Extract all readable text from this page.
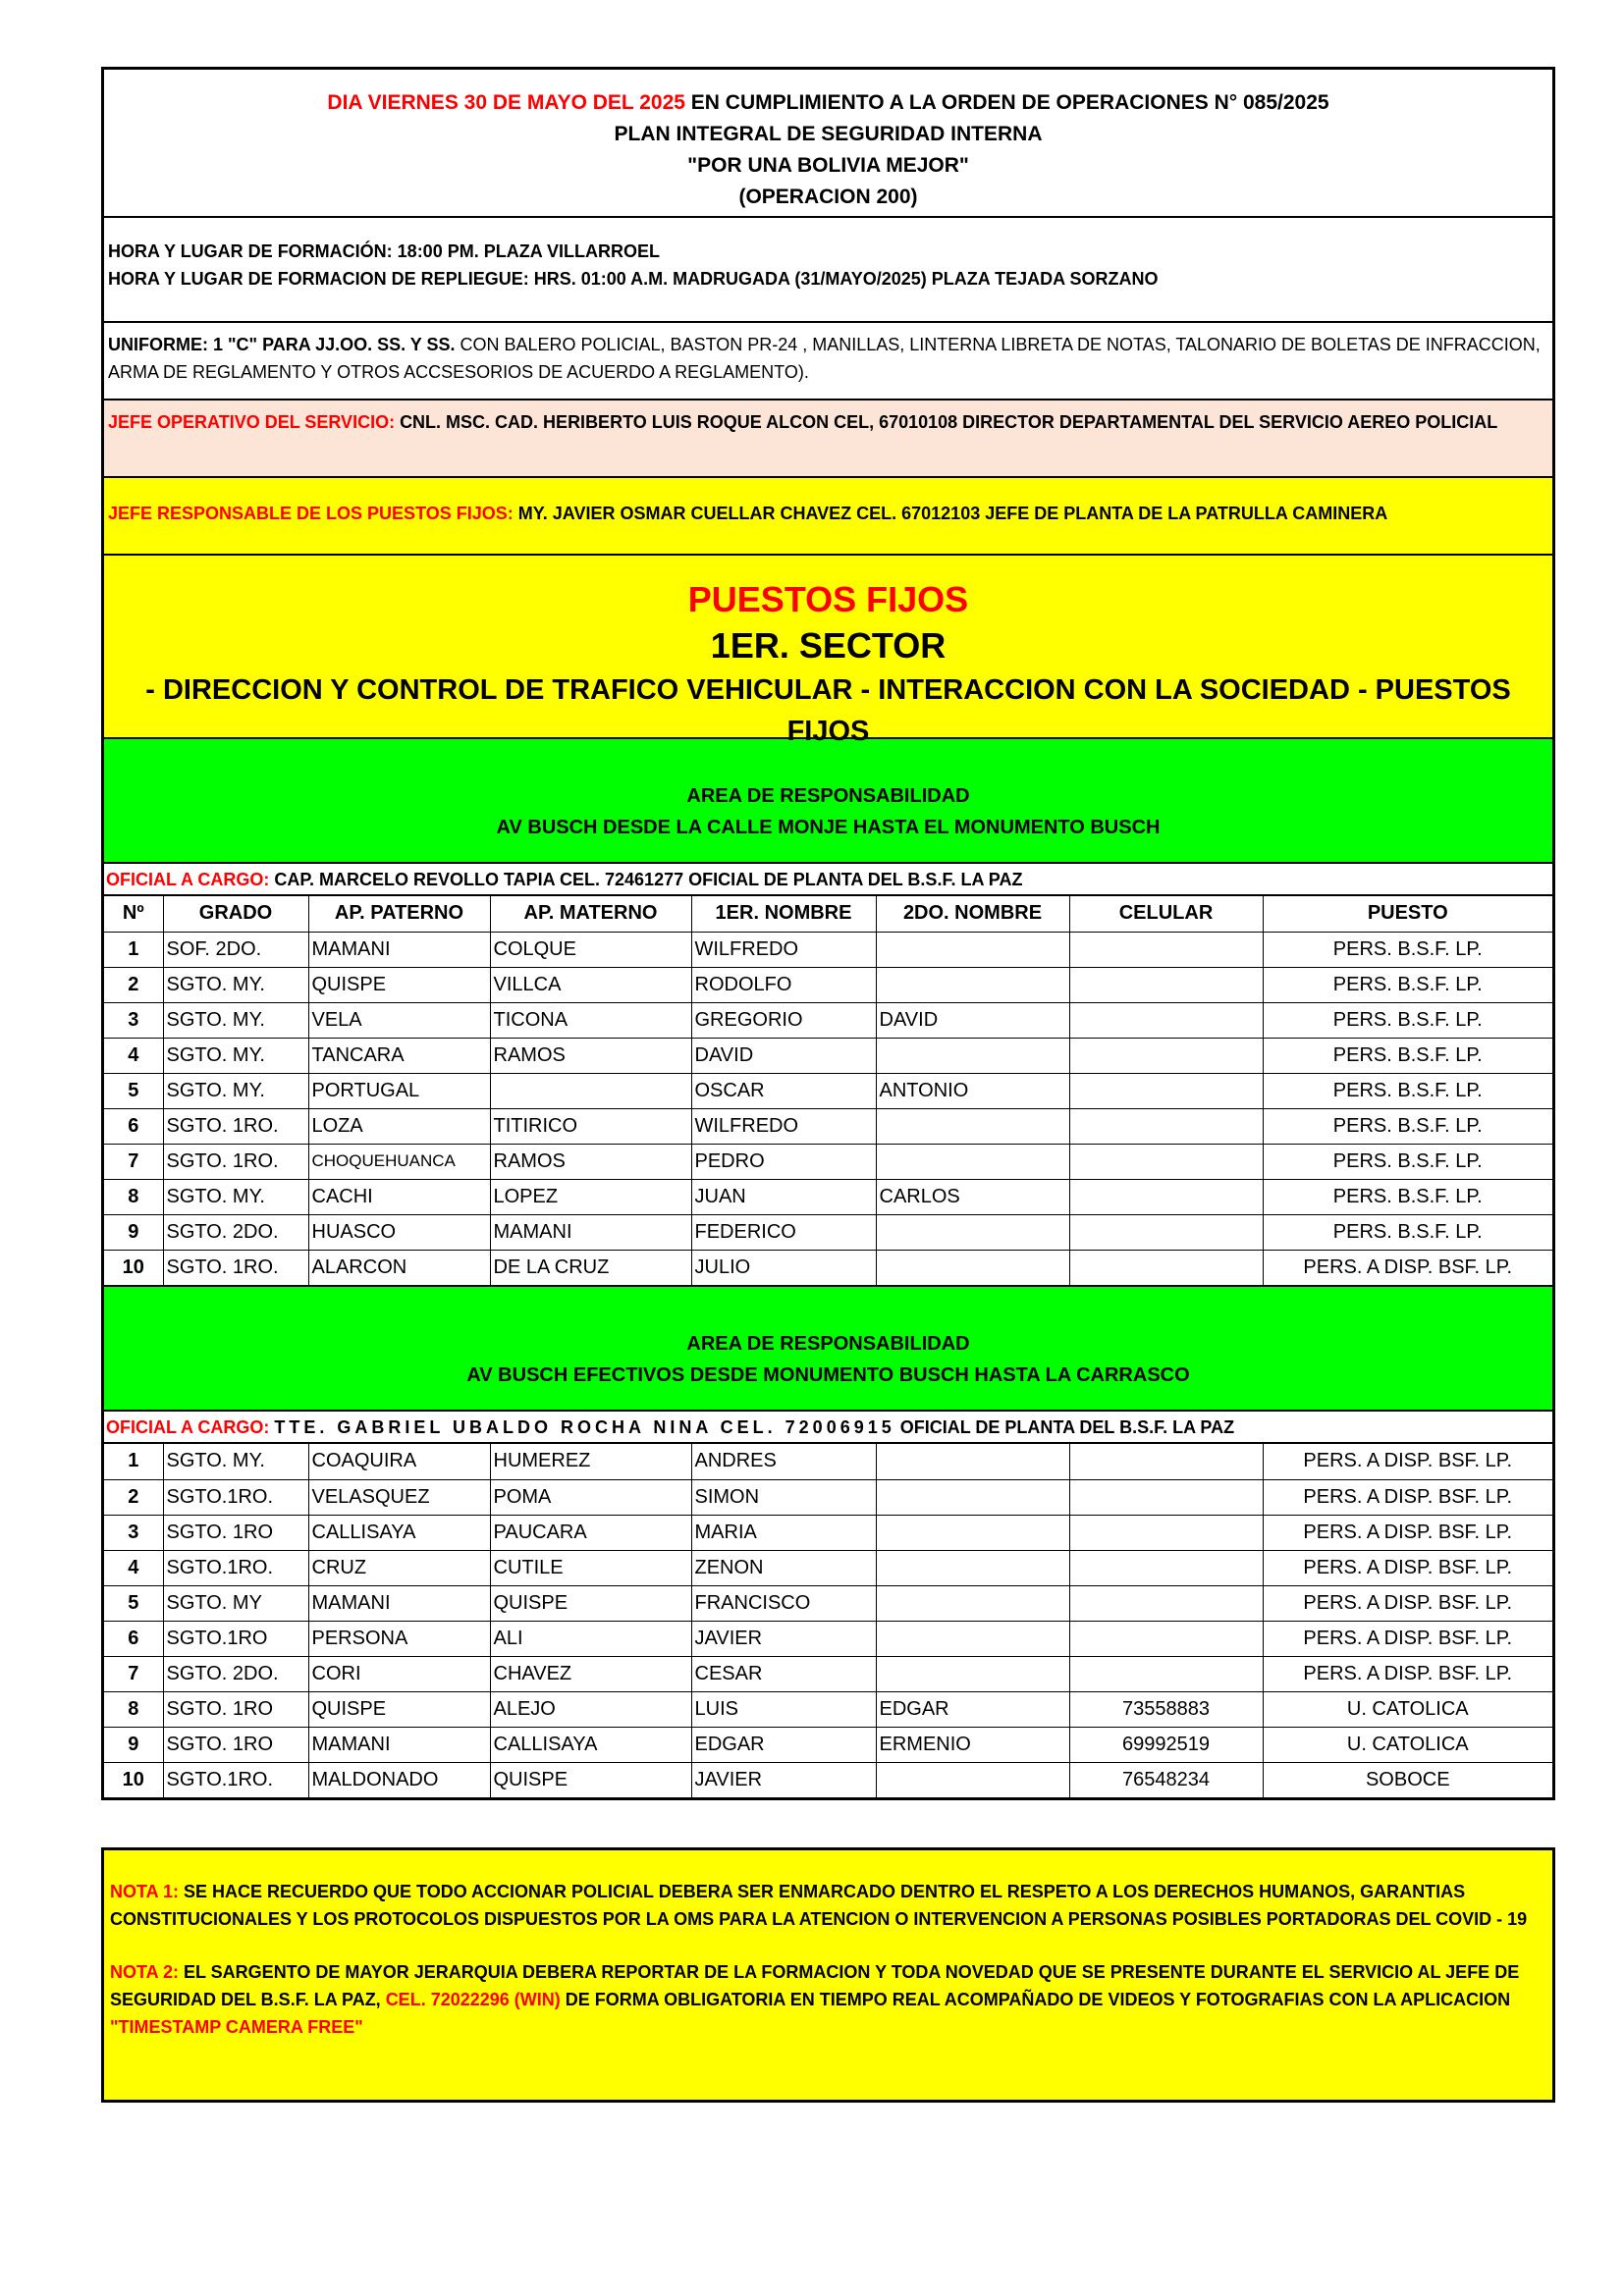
DIA VIERNES 30 DE MAYO DEL 2025 EN CUMPLIMIENTO A LA ORDEN DE OPERACIONES N° 085/2025
PLAN INTEGRAL DE SEGURIDAD INTERNA
"POR UNA BOLIVIA MEJOR"
(OPERACION 200)
HORA Y LUGAR DE FORMACIÓN: 18:00 PM. PLAZA VILLARROEL
HORA Y LUGAR DE FORMACION DE REPLIEGUE: HRS. 01:00 A.M. MADRUGADA (31/MAYO/2025) PLAZA TEJADA SORZANO
UNIFORME: 1 "C" PARA JJ.OO. SS. Y SS. CON BALERO POLICIAL, BASTON PR-24 , MANILLAS, LINTERNA LIBRETA DE NOTAS, TALONARIO DE BOLETAS DE INFRACCION, ARMA DE REGLAMENTO Y OTROS ACCSESORIOS DE ACUERDO A REGLAMENTO).
JEFE OPERATIVO DEL SERVICIO: CNL. MSC. CAD. HERIBERTO LUIS ROQUE ALCON CEL, 67010108 DIRECTOR DEPARTAMENTAL DEL SERVICIO AEREO POLICIAL
JEFE RESPONSABLE DE LOS PUESTOS FIJOS: MY. JAVIER OSMAR CUELLAR CHAVEZ CEL. 67012103 JEFE DE PLANTA DE LA PATRULLA CAMINERA
PUESTOS FIJOS
1ER. SECTOR
- DIRECCION Y CONTROL DE TRAFICO VEHICULAR - INTERACCION CON LA SOCIEDAD - PUESTOS FIJOS
AREA DE RESPONSABILIDAD
AV BUSCH DESDE LA CALLE MONJE HASTA EL MONUMENTO BUSCH
OFICIAL A CARGO: CAP. MARCELO REVOLLO TAPIA CEL. 72461277 OFICIAL DE PLANTA DEL B.S.F. LA PAZ
Nº	GRADO	AP. PATERNO	AP. MATERNO	1ER. NOMBRE	2DO. NOMBRE	CELULAR	PUESTO
1	SOF. 2DO.	MAMANI	COLQUE	WILFREDO			PERS. B.S.F. LP.
2	SGTO. MY.	QUISPE	VILLCA	RODOLFO			PERS. B.S.F. LP.
3	SGTO. MY.	VELA	TICONA	GREGORIO	DAVID		PERS. B.S.F. LP.
4	SGTO. MY.	TANCARA	RAMOS	DAVID			PERS. B.S.F. LP.
5	SGTO. MY.	PORTUGAL		OSCAR	ANTONIO		PERS. B.S.F. LP.
6	SGTO. 1RO.	LOZA	TITIRICO	WILFREDO			PERS. B.S.F. LP.
7	SGTO. 1RO.	CHOQUEHUANCA	RAMOS	PEDRO			PERS. B.S.F. LP.
8	SGTO. MY.	CACHI	LOPEZ	JUAN	CARLOS		PERS. B.S.F. LP.
9	SGTO. 2DO.	HUASCO	MAMANI	FEDERICO			PERS. B.S.F. LP.
10	SGTO. 1RO.	ALARCON	DE LA CRUZ	JULIO			PERS. A DISP. BSF. LP.
AREA DE RESPONSABILIDAD
AV BUSCH EFECTIVOS DESDE MONUMENTO BUSCH HASTA LA CARRASCO
OFICIAL A CARGO: TTE. GABRIEL UBALDO ROCHA NINA CEL. 72006915 OFICIAL DE PLANTA DEL B.S.F. LA PAZ
1	SGTO. MY.	COAQUIRA	HUMEREZ	ANDRES			PERS. A DISP. BSF. LP.
2	SGTO.1RO.	VELASQUEZ	POMA	SIMON			PERS. A DISP. BSF. LP.
3	SGTO. 1RO	CALLISAYA	PAUCARA	MARIA			PERS. A DISP. BSF. LP.
4	SGTO.1RO.	CRUZ	CUTILE	ZENON			PERS. A DISP. BSF. LP.
5	SGTO. MY	MAMANI	QUISPE	FRANCISCO			PERS. A DISP. BSF. LP.
6	SGTO.1RO	PERSONA	ALI	JAVIER			PERS. A DISP. BSF. LP.
7	SGTO. 2DO.	CORI	CHAVEZ	CESAR			PERS. A DISP. BSF. LP.
8	SGTO. 1RO	QUISPE	ALEJO	LUIS	EDGAR	73558883	U. CATOLICA
9	SGTO. 1RO	MAMANI	CALLISAYA	EDGAR	ERMENIO	69992519	U. CATOLICA
10	SGTO.1RO.	MALDONADO	QUISPE	JAVIER		76548234	SOBOCE

NOTA 1: SE HACE RECUERDO QUE TODO ACCIONAR POLICIAL DEBERA SER ENMARCADO DENTRO EL RESPETO A LOS DERECHOS HUMANOS, GARANTIAS CONSTITUCIONALES Y LOS PROTOCOLOS DISPUESTOS POR LA OMS PARA LA ATENCION O INTERVENCION A PERSONAS POSIBLES PORTADORAS DEL COVID - 19

NOTA 2: EL SARGENTO DE MAYOR JERARQUIA DEBERA REPORTAR DE LA FORMACION Y TODA NOVEDAD QUE SE PRESENTE DURANTE EL SERVICIO AL JEFE DE SEGURIDAD DEL B.S.F. LA PAZ, CEL. 72022296 (WIN) DE FORMA OBLIGATORIA EN TIEMPO REAL ACOMPAÑADO DE VIDEOS Y FOTOGRAFIAS CON LA APLICACION "TIMESTAMP CAMERA FREE"
